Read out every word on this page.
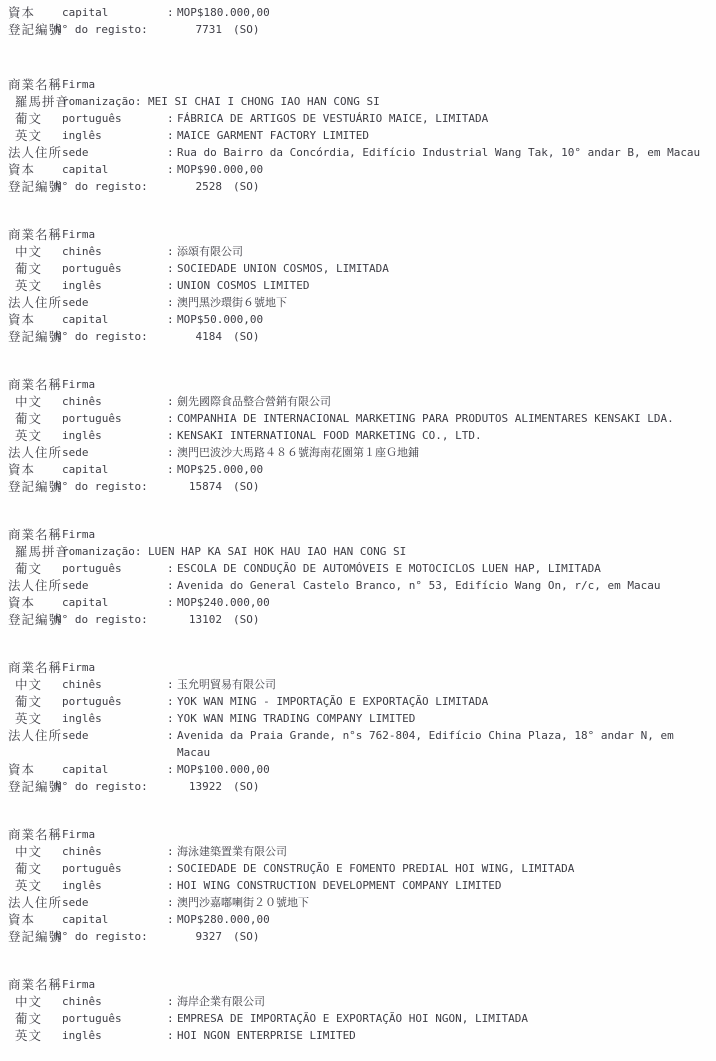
資本 capital	: MOP$180.000,00
登記編號
N° do registo:	7731 (SO)
商業名稱 Firma
羅馬拼音
romanização: MEI SI CHAI I CHONG IAO HAN CONG SI
葡文 português	: FÁBRICA DE ARTIGOS DE VESTUÁRIO MAICE, LIMITADA
英文 inglês	: MAICE GARMENT FACTORY LIMITED
法人住所 sede	: Rua do Bairro da Concórdia, Edifício Industrial Wang Tak, 10° andar B, em Macau
資本 capital	: MOP$90.000,00
登記編號
N° do registo:	2528 (SO)
商業名稱 Firma
中文 chinês	: 添頌有限公司
葡文 português	: SOCIEDADE UNION COSMOS, LIMITADA
英文 inglês	: UNION COSMOS LIMITED
法人住所 sede	: 澳門黑沙環街６號地下
資本 capital	: MOP$50.000,00
登記編號
N° do registo:	4184 (SO)
商業名稱 Firma
中文 chinês	: 劍先國際食品整合營銷有限公司
葡文 português	: COMPANHIA DE INTERNACIONAL MARKETING PARA PRODUTOS ALIMENTARES KENSAKI LDA.
英文 inglês	: KENSAKI INTERNATIONAL FOOD MARKETING CO., LTD.
法人住所 sede	: 澳門巴波沙大馬路４８６號海南花園第１座Ｇ地鋪
資本 capital	: MOP$25.000,00
登記編號
N° do registo:	15874 (SO)
商業名稱 Firma
羅馬拼音
romanização: LUEN HAP KA SAI HOK HAU IAO HAN CONG SI
葡文 português	: ESCOLA DE CONDUÇÃO DE AUTOMÓVEIS E MOTOCICLOS LUEN HAP, LIMITADA
法人住所 sede	: Avenida do General Castelo Branco, n° 53, Edifício Wang On, r/c, em Macau
資本 capital	: MOP$240.000,00
登記編號
N° do registo:	13102 (SO)
商業名稱 Firma
中文 chinês	: 玉允明貿易有限公司
葡文 português	: YOK WAN MING - IMPORTAÇÃO E EXPORTAÇÃO LIMITADA
英文 inglês	: YOK WAN MING TRADING COMPANY LIMITED
法人住所 sede	: Avenida da Praia Grande, n°s 762-804, Edifício China Plaza, 18° andar N, em
Macau
資本 capital	: MOP$100.000,00
登記編號
N° do registo:	13922 (SO)
商業名稱 Firma
中文 chinês	: 海泳建築置業有限公司
葡文 português	: SOCIEDADE DE CONSTRUÇÃO E FOMENTO PREDIAL HOI WING, LIMITADA
英文 inglês	: HOI WING CONSTRUCTION DEVELOPMENT COMPANY LIMITED
法人住所 sede	: 澳門沙嘉嘟喇街２０號地下
資本 capital	: MOP$280.000,00
登記編號
N° do registo:	9327 (SO)
商業名稱 Firma
中文 chinês	: 海岸企業有限公司
葡文 português	: EMPRESA DE IMPORTAÇÃO E EXPORTAÇÃO HOI NGON, LIMITADA
英文 inglês	: HOI NGON ENTERPRISE LIMITED
